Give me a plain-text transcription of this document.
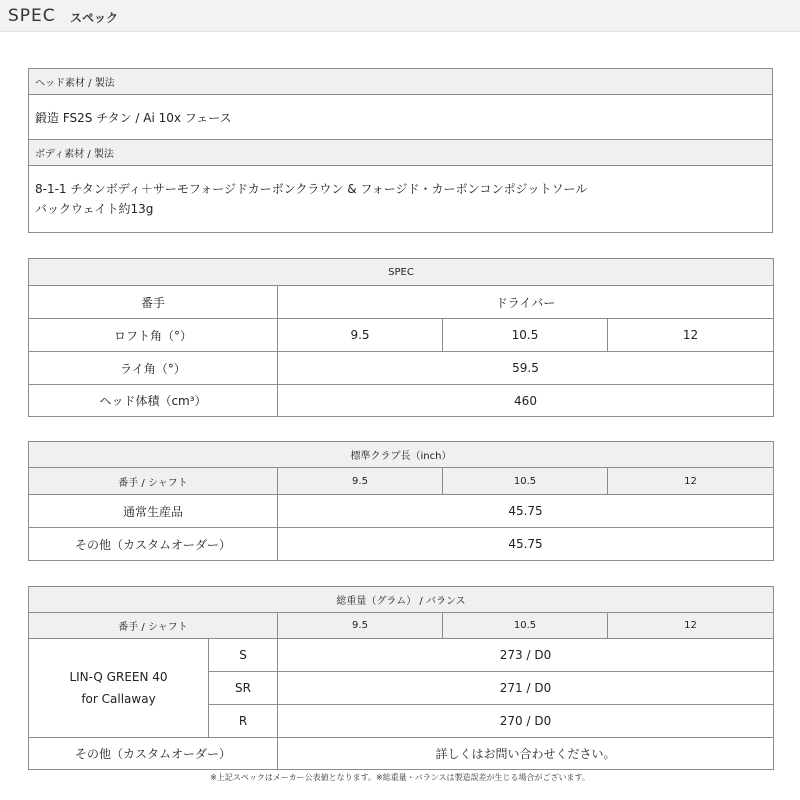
SPEC スペック
ヘッド素材 / 製法
鍛造 FS2S チタン / Ai 10x フェース
ボディ素材 / 製法

8-1-1 チタンボディ＋サーモフォージドカーボンクラウン & フォージド・カーボンコンポジットソール
バックウェイト約13g
SPEC			
番手	ドライバー		
ロフト角（°）	9.5	10.5	12
ライ角（°）	59.5		
ヘッド体積（cm³）	460		
標準クラブ長（inch）			
番手 / シャフト	9.5	10.5	12
通常生産品	45.75		
その他（カスタムオーダー）	45.75		
総重量（グラム） / バランス				
番手 / シャフト		9.5	10.5	12

LIN-Q GREEN 40
for Callaway	S	273 / D0		
	SR	271 / D0		
	R	270 / D0		
その他（カスタムオーダー）		詳しくはお問い合わせください。		
※上記スペックはメーカー公表値となります。※総重量・バランスは製造誤差が生じる場合がございます。
